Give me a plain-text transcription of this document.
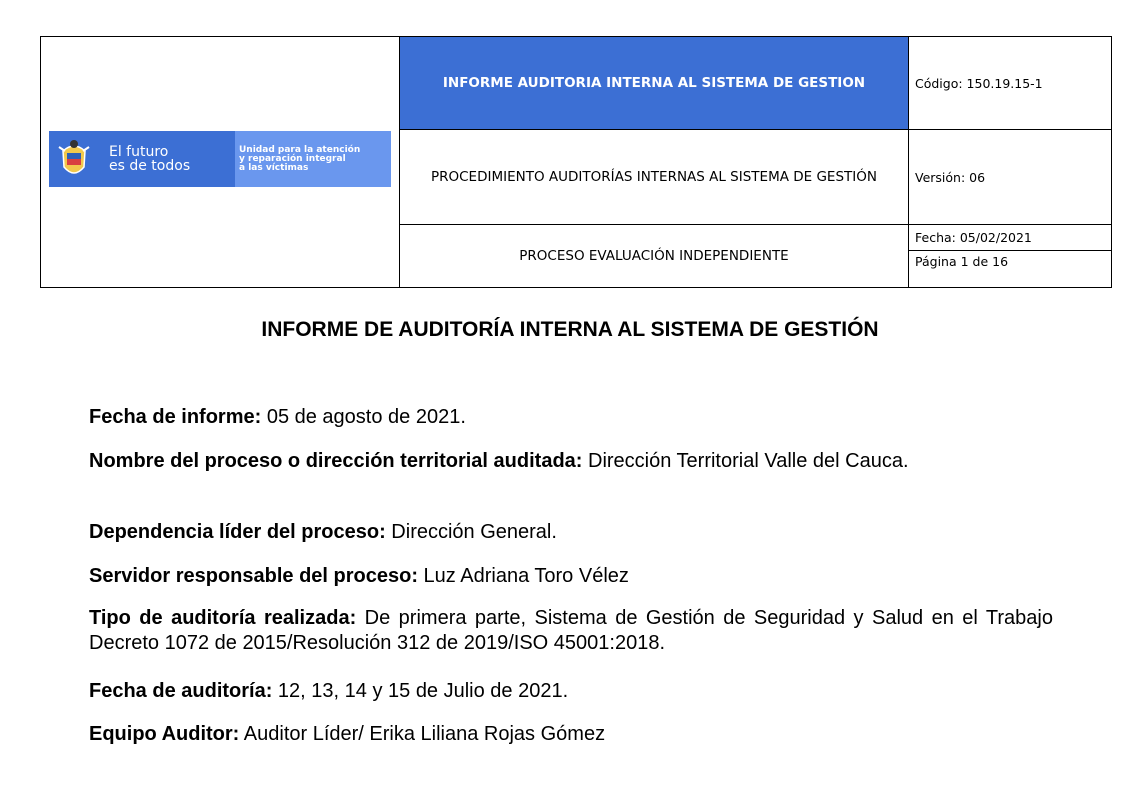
El futuro
es de todos
Unidad para la atención
y reparación integral
a las víctimas	INFORME AUDITORIA INTERNA AL SISTEMA DE GESTION	Código: 150.19.15-1
	PROCEDIMIENTO AUDITORÍAS INTERNAS AL SISTEMA DE GESTIÓN	Versión: 06
	PROCESO EVALUACIÓN INDEPENDIENTE	Fecha: 05/02/2021
		Página 1 de 16
INFORME DE AUDITORÍA INTERNA AL SISTEMA DE GESTIÓN
Fecha de informe: 05 de agosto de 2021.
Nombre del proceso o dirección territorial auditada: Dirección Territorial Valle del Cauca.
Dependencia líder del proceso: Dirección General.
Servidor responsable del proceso: Luz Adriana Toro Vélez
Tipo de auditoría realizada: De primera parte, Sistema de Gestión de Seguridad y Salud en el Trabajo Decreto 1072 de 2015/Resolución 312 de 2019/ISO 45001:2018.
Fecha de auditoría: 12, 13, 14 y 15 de Julio de 2021.
Equipo Auditor: Auditor Líder/ Erika Liliana Rojas Gómez
